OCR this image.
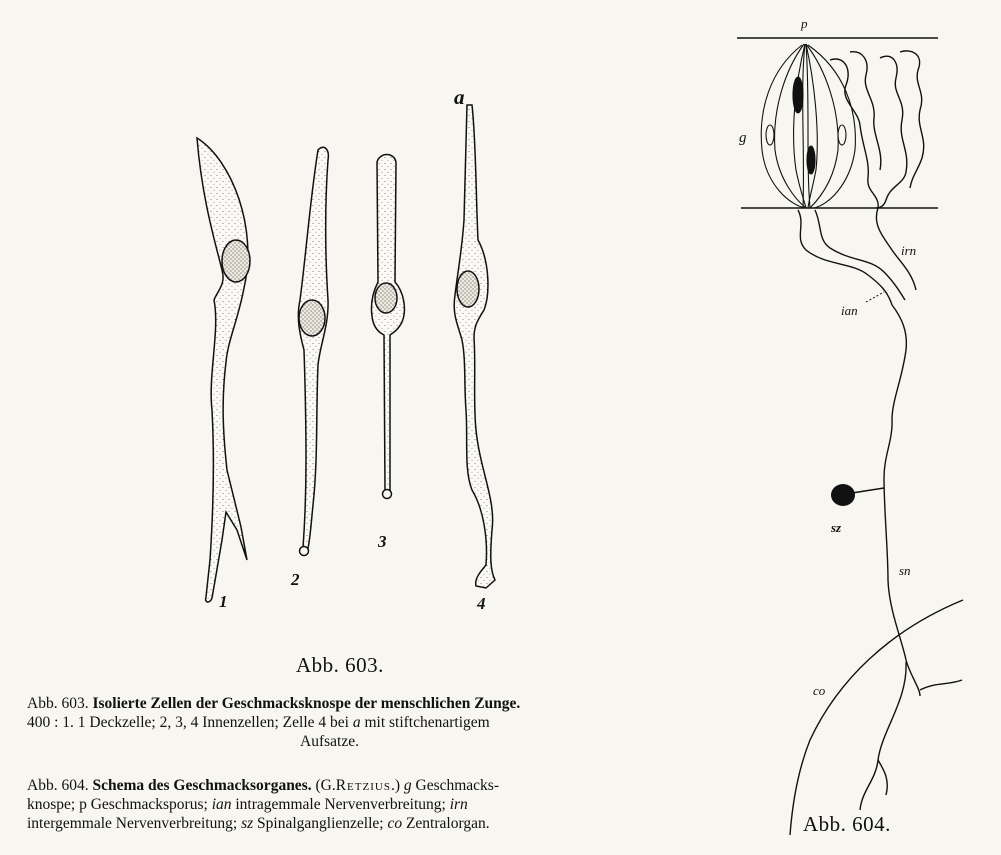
1
2
3
4
a
Abb. 603.
p
g
irn
ian
sz
sn
co
Abb. 604.
Abb. 603. Isolierte Zellen der Geschmacksknospe der menschlichen Zunge.
400 : 1. 1 Deckzelle; 2, 3, 4 Innenzellen; Zelle 4 bei a mit stiftchenartigem
Aufsatze.
Abb. 604. Schema des Geschmacksorganes. (G.Retzius.) g Geschmacks-
knospe; p Geschmacksporus; ian intragemmale Nervenverbreitung; irn
intergemmale Nervenverbreitung; sz Spinalganglienzelle; co Zentralorgan.
